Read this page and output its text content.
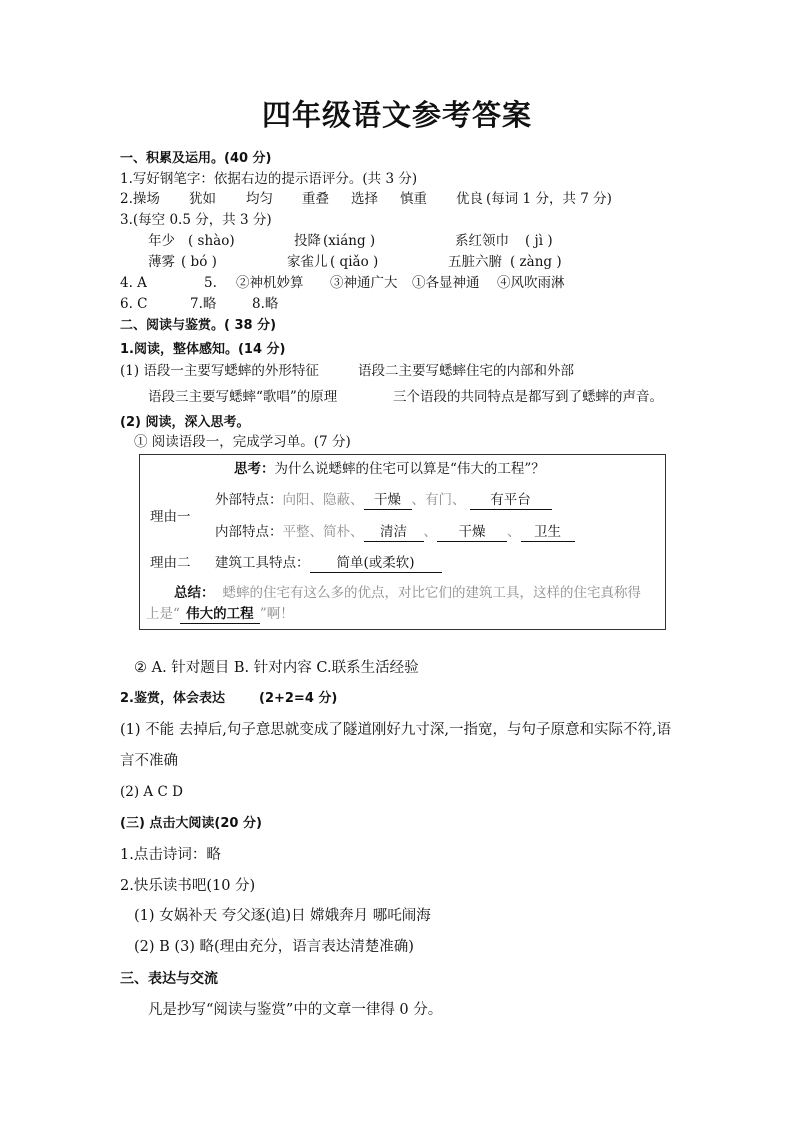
四年级语文参考答案
一、积累及运用。(40 分)
1.写好钢笔字：依据右边的提示语评分。(共 3 分)
2.操场 犹如 均匀 重叠 选择 慎重 优良 (每词 1 分，共 7 分)
3.(每空 0.5 分，共 3 分)
年少 ( shào)	投降 (xiáng )	系红领巾 ( jì )
薄雾 ( bó )	家雀儿 ( qiǎo )	五脏六腑 ( zàng )
4. A	5. ②神机妙算 ③神通广大 ①各显神通 ④风吹雨淋
6. C	7.略	8.略
二、阅读与鉴赏。( 38 分)
1.阅读，整体感知。(14 分)
(1) 语段一主要写蟋蟀的外形特征	语段二主要写蟋蟀住宅的内部和外部
语段三主要写蟋蟀“歌唱”的原理	三个语段的共同特点是都写到了蟋蟀的声音。
(2) 阅读，深入思考。
① 阅读语段一，完成学习单。(7 分)
思考：为什么说蟋蟀的住宅可以算是“伟大的工程”？
理由一
外部特点：向阳、隐蔽、 干燥 、有门、 有平台
内部特点：平整、简朴、 清洁 、 干燥 、 卫生
理由二 建筑工具特点： 简单(或柔软)
总结： 蟋蟀的住宅有这么多的优点，对比它们的建筑工具，这样的住宅真称得
上是“ 伟大的工程 ”啊！
② A. 针对题目 B. 针对内容 C.联系生活经验
2.鉴赏，体会表达	(2+2=4 分)
(1) 不能 去掉后,句子意思就变成了隧道刚好九寸深,一指宽，与句子原意和实际不符,语
言不准确
(2) A C D
(三) 点击大阅读(20 分)
1.点击诗词：略
2.快乐读书吧(10 分)
(1) 女娲补天 夸父逐(追)日 嫦娥奔月 哪吒闹海
(2) B (3) 略(理由充分，语言表达清楚准确)
三、表达与交流
凡是抄写“阅读与鉴赏”中的文章一律得 0 分。
